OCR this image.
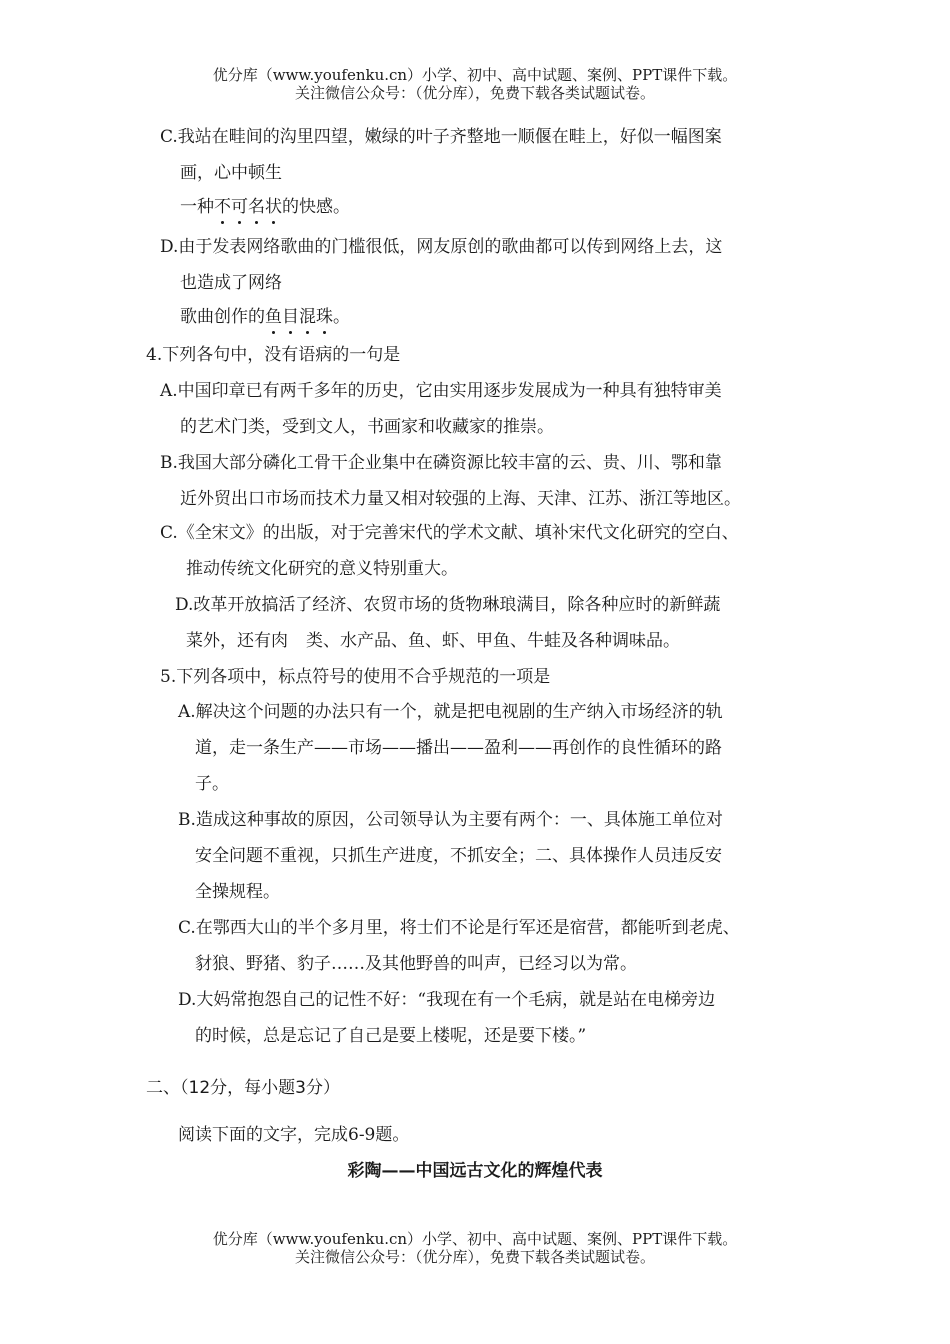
优分库（www.youfenku.cn）小学、初中、高中试题、案例、PPT课件下载。
关注微信公众号：（优分库），免费下载各类试题试卷。
C.我站在畦间的沟里四望，嫩绿的叶子齐整地一顺偃在畦上，好似一幅图案
画，心中顿生
一种不可名状的快感。
D.由于发表网络歌曲的门槛很低，网友原创的歌曲都可以传到网络上去，这
也造成了网络
歌曲创作的鱼目混珠。
4.下列各句中，没有语病的一句是
A.中国印章已有两千多年的历史，它由实用逐步发展成为一种具有独特审美
的艺术门类，受到文人，书画家和收藏家的推崇。
B.我国大部分磷化工骨干企业集中在磷资源比较丰富的云、贵、川、鄂和靠
近外贸出口市场而技术力量又相对较强的上海、天津、江苏、浙江等地区。
C.《全宋文》的出版，对于完善宋代的学术文献、填补宋代文化研究的空白、
推动传统文化研究的意义特别重大。
D.改革开放搞活了经济、农贸市场的货物琳琅满目，除各种应时的新鲜蔬
菜外，还有肉 类、水产品、鱼、虾、甲鱼、牛蛙及各种调味品。
5.下列各项中，标点符号的使用不合乎规范的一项是
A.解决这个问题的办法只有一个，就是把电视剧的生产纳入市场经济的轨
道，走一条生产——市场——播出——盈利——再创作的良性循环的路
子。
B.造成这种事故的原因，公司领导认为主要有两个：一、具体施工单位对
安全问题不重视，只抓生产进度，不抓安全；二、具体操作人员违反安
全操规程。
C.在鄂西大山的半个多月里，将士们不论是行军还是宿营，都能听到老虎、
豺狼、野猪、豹子……及其他野兽的叫声，已经习以为常。
D.大妈常抱怨自己的记性不好：“我现在有一个毛病，就是站在电梯旁边
的时候，总是忘记了自己是要上楼呢，还是要下楼。”
二、（12分，每小题3分）
阅读下面的文字，完成6-9题。
彩陶——中国远古文化的辉煌代表
优分库（www.youfenku.cn）小学、初中、高中试题、案例、PPT课件下载。
关注微信公众号：（优分库），免费下载各类试题试卷。
